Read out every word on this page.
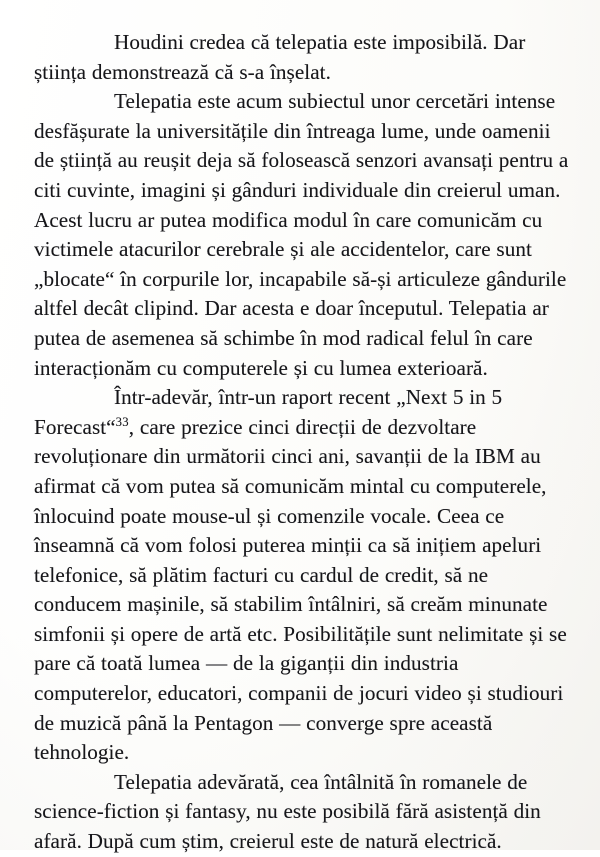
Houdini credea că telepatia este imposibilă. Dar știința demonstrează că s-a înșelat.

Telepatia este acum subiectul unor cercetări intense desfășurate la universitățile din întreaga lume, unde oamenii de știință au reușit deja să folosească senzori avansați pentru a citi cuvinte, imagini și gânduri individuale din creierul uman. Acest lucru ar putea modifica modul în care comunicăm cu victimele atacurilor cerebrale și ale accidentelor, care sunt „blocate“ în corpurile lor, incapabile să-și articuleze gândurile altfel decât clipind. Dar acesta e doar începutul. Telepatia ar putea de asemenea să schimbe în mod radical felul în care interacționăm cu computerele și cu lumea exterioară.

Într-adevăr, într-un raport recent „Next 5 in 5 Forecast“$^{33}$, care prezice cinci direcții de dezvoltare revoluționare din următorii cinci ani, savanții de la IBM au afirmat că vom putea să comunicăm mintal cu computerele, înlocuind poate mouse-ul și comenzile vocale. Ceea ce înseamnă că vom folosi puterea minții ca să inițiem apeluri telefonice, să plătim facturi cu cardul de credit, să ne conducem mașinile, să stabilim întâlniri, să creăm minunate simfonii și opere de artă etc. Posibilitățile sunt nelimitate și se pare că toată lumea — de la giganții din industria computerelor, educatori, companii de jocuri video și studiouri de muzică până la Pentagon — converge spre această tehnologie.

Telepatia adevărată, cea întâlnită în romanele de science-fiction și fantasy, nu este posibilă fără asistență din afară. După cum știm, creierul este de natură electrică.
